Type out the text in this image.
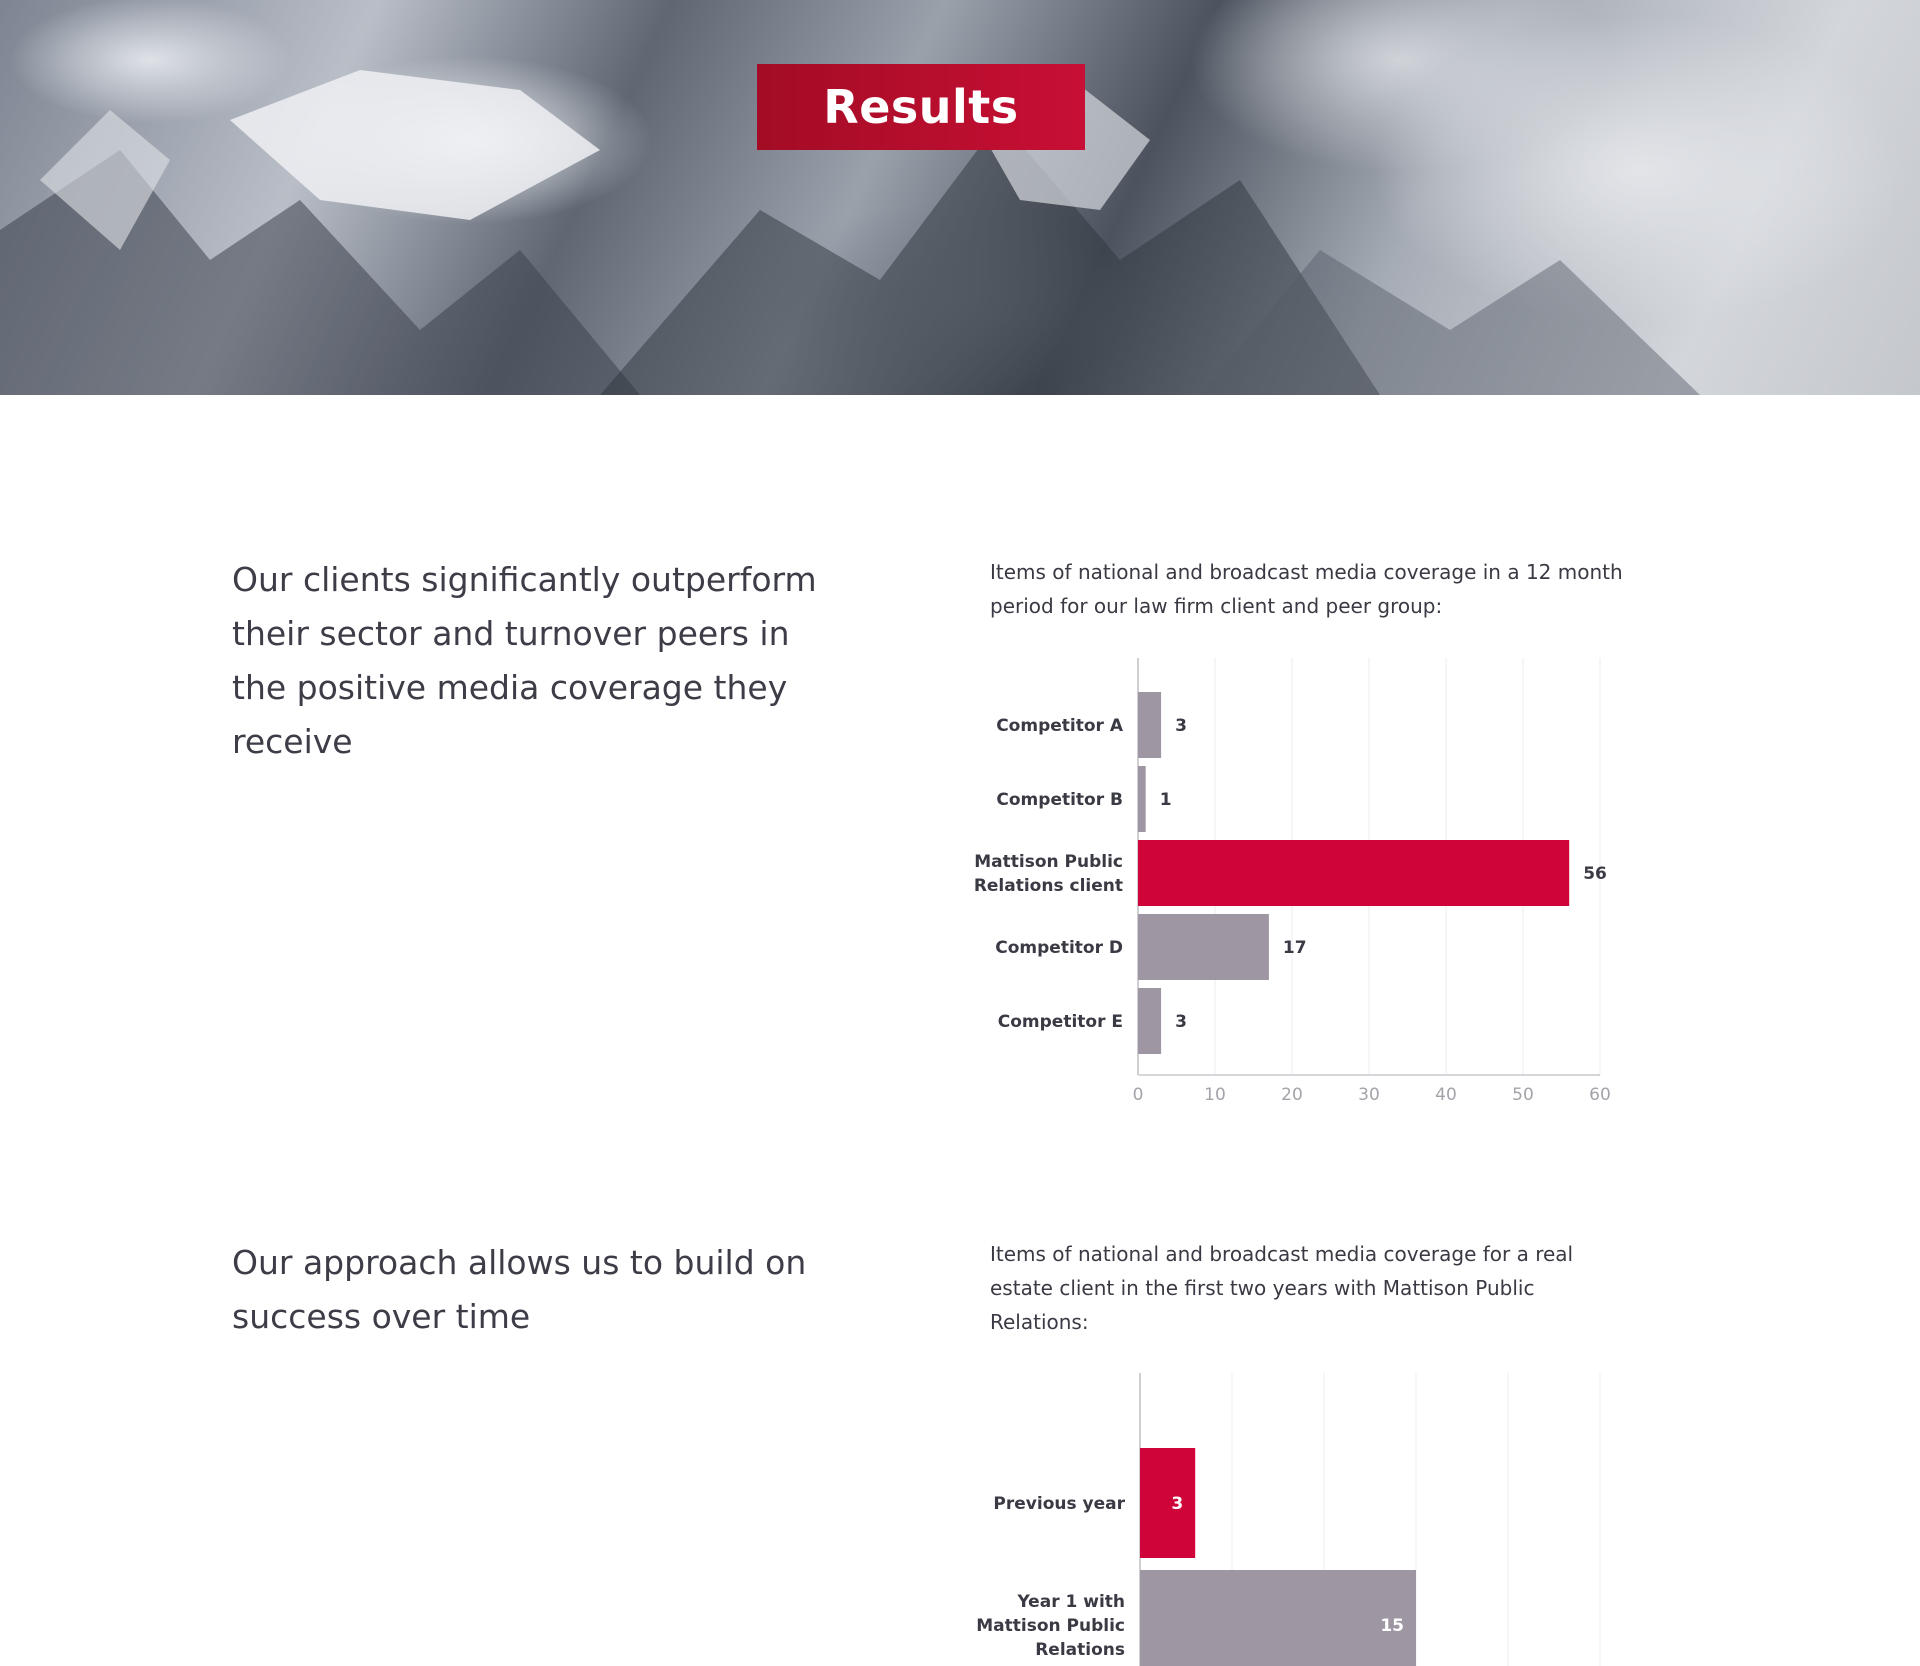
Results
Our clients significantly outperform their sector and turnover peers in the positive media coverage they receive

Items of national and broadcast media coverage in a 12 month period for our law firm client and peer group:

0	10	20	30	40	50	60
3
Competitor A
1
Competitor B
56
Mattison Public Relations client
17
Competitor D
3
Competitor E
Our approach allows us to build on success over time

Items of national and broadcast media coverage for a real estate client in the first two years with Mattison Public Relations:

3
Previous year
15
Year 1 with Mattison Public Relations
